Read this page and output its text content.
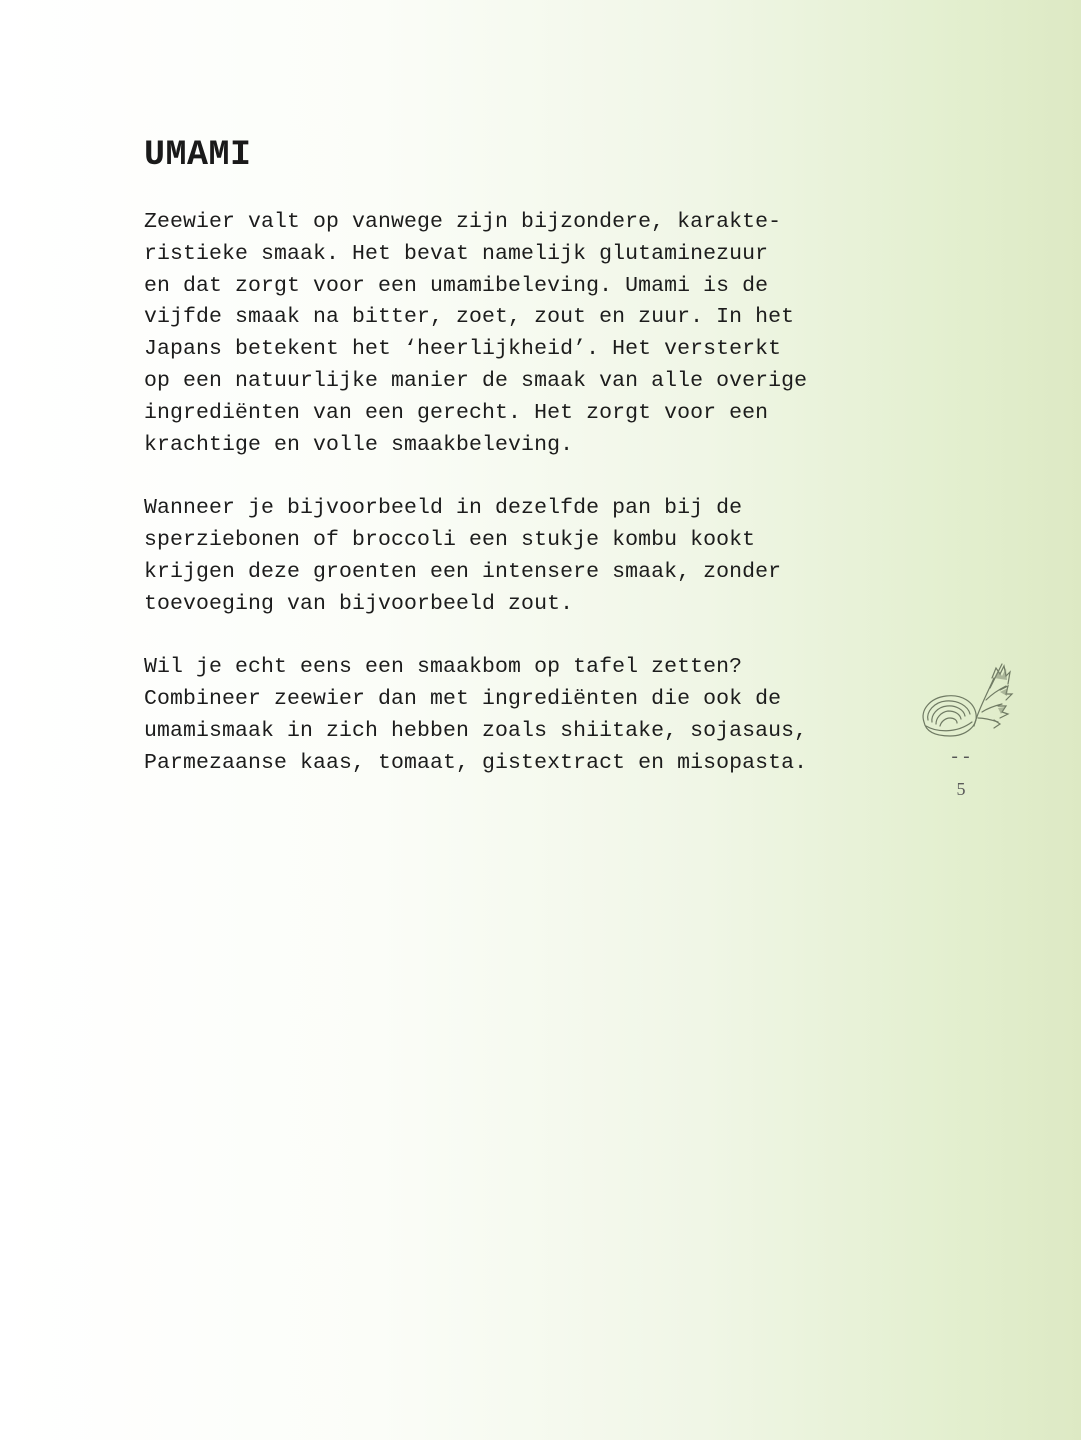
UMAMI

Zeewier valt op vanwege zijn bijzondere, karakte-
ristieke smaak. Het bevat namelijk glutaminezuur
en dat zorgt voor een umamibeleving. Umami is de
vijfde smaak na bitter, zoet, zout en zuur. In het
Japans betekent het ‘heerlijkheid’. Het versterkt
op een natuurlijke manier de smaak van alle overige
ingrediënten van een gerecht. Het zorgt voor een
krachtige en volle smaakbeleving.

Wanneer je bijvoorbeeld in dezelfde pan bij de
sperziebonen of broccoli een stukje kombu kookt
krijgen deze groenten een intensere smaak, zonder
toevoeging van bijvoorbeeld zout.

Wil je echt eens een smaakbom op tafel zetten?
Combineer zeewier dan met ingrediënten die ook de
umamismaak in zich hebben zoals shiitake, sojasaus,
Parmezaanse kaas, tomaat, gistextract en misopasta.	--
5
